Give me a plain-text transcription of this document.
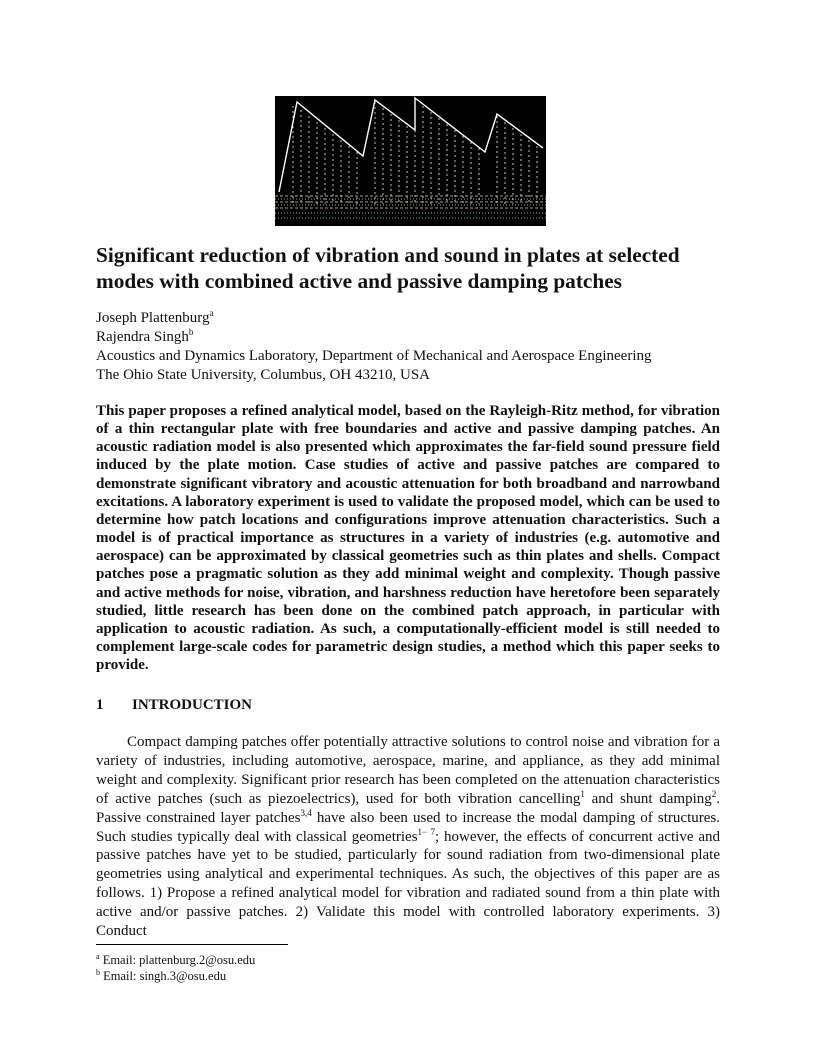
Significant reduction of vibration and sound in plates at selected modes with combined active and passive damping patches
Joseph Plattenburg$^a$
Rajendra Singh$^b$
Acoustics and Dynamics Laboratory, Department of Mechanical and Aerospace Engineering
The Ohio State University, Columbus, OH 43210, USA

This paper proposes a refined analytical model, based on the Rayleigh-Ritz method, for vibration of a thin rectangular plate with free boundaries and active and passive damping patches. An acoustic radiation model is also presented which approximates the far-field sound pressure field induced by the plate motion. Case studies of active and passive patches are compared to demonstrate significant vibratory and acoustic attenuation for both broadband and narrowband excitations. A laboratory experiment is used to validate the proposed model, which can be used to determine how patch locations and configurations improve attenuation characteristics. Such a model is of practical importance as structures in a variety of industries (e.g. automotive and aerospace) can be approximated by classical geometries such as thin plates and shells. Compact patches pose a pragmatic solution as they add minimal weight and complexity. Though passive and active methods for noise, vibration, and harshness reduction have heretofore been separately studied, little research has been done on the combined patch approach, in particular with application to acoustic radiation. As such, a computationally-efficient model is still needed to complement large-scale codes for parametric design studies, a method which this paper seeks to provide.

1 INTRODUCTION

Compact damping patches offer potentially attractive solutions to control noise and vibration for a variety of industries, including automotive, aerospace, marine, and appliance, as they add minimal weight and complexity. Significant prior research has been completed on the attenuation characteristics of active patches (such as piezoelectrics), used for both vibration cancelling$^1$ and shunt damping$^2$. Passive constrained layer patches$^{3,4}$ have also been used to increase the modal damping of structures. Such studies typically deal with classical geometries$^{1- 7}$; however, the effects of concurrent active and passive patches have yet to be studied, particularly for sound radiation from two-dimensional plate geometries using analytical and experimental techniques. As such, the objectives of this paper are as follows. 1) Propose a refined analytical model for vibration and radiated sound from a thin plate with active and/or passive patches. 2) Validate this model with controlled laboratory experiments. 3) Conduct

$^a$ Email: plattenburg.2@osu.edu
$^b$ Email: singh.3@osu.edu
